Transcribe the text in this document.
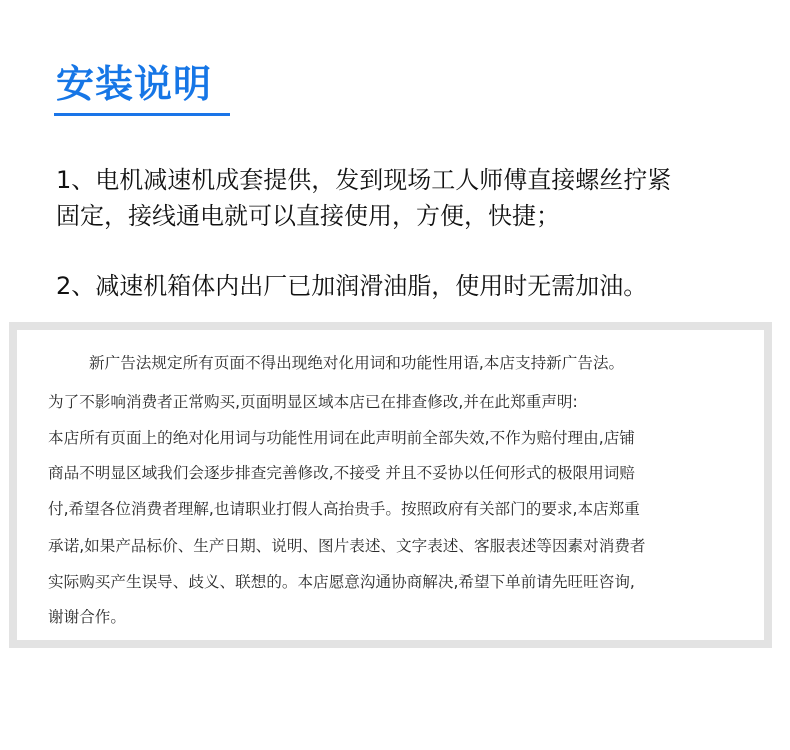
安装说明
1、电机减速机成套提供，发到现场工人师傅直接螺丝拧紧
固定，接线通电就可以直接使用，方便，快捷；
2、减速机箱体内出厂已加润滑油脂，使用时无需加油。
新广告法规定所有页面不得出现绝对化用词和功能性用语,本店支持新广告法。
为了不影响消费者正常购买,页面明显区域本店已在排查修改,并在此郑重声明:
本店所有页面上的绝对化用词与功能性用词在此声明前全部失效,不作为赔付理由,店铺
商品不明显区域我们会逐步排查完善修改,不接受 并且不妥协以任何形式的极限用词赔
付,希望各位消费者理解,也请职业打假人高抬贵手。按照政府有关部门的要求,本店郑重
承诺,如果产品标价、生产日期、说明、图片表述、文字表述、客服表述等因素对消费者
实际购买产生误导、歧义、联想的。本店愿意沟通协商解决,希望下单前请先旺旺咨询,
谢谢合作。
